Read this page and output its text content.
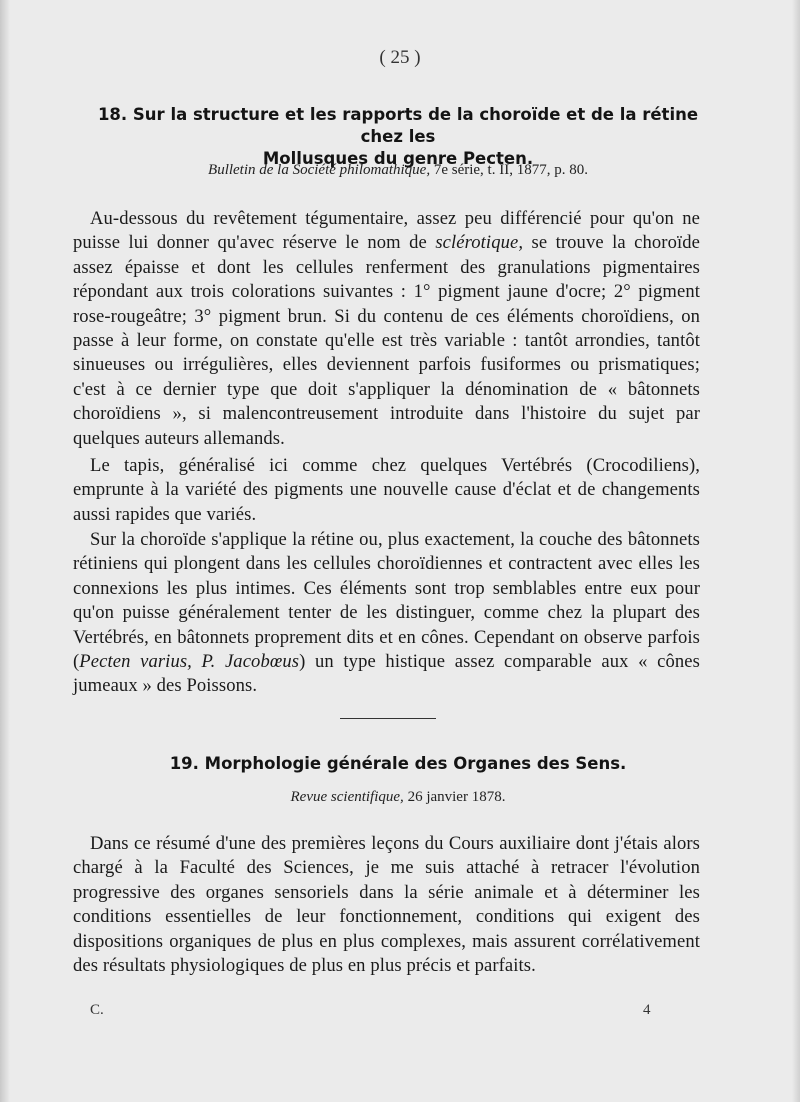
( 25 )
18. Sur la structure et les rapports de la choroïde et de la rétine chez les
Mollusques du genre Pecten.
Bulletin de la Société philomathique, 7e série, t. II, 1877, p. 80.

Au-dessous du revêtement tégumentaire, assez peu différencié pour qu'on ne puisse lui donner qu'avec réserve le nom de sclérotique, se trouve la choroïde assez épaisse et dont les cellules renferment des granulations pigmentaires répondant aux trois colorations suivantes : 1° pigment jaune d'ocre; 2° pigment rose-rougeâtre; 3° pigment brun. Si du contenu de ces éléments choroïdiens, on passe à leur forme, on constate qu'elle est très variable : tantôt arrondies, tantôt sinueuses ou irrégulières, elles deviennent parfois fusiformes ou prismatiques; c'est à ce dernier type que doit s'appliquer la dénomination de « bâtonnets choroïdiens », si malencontreusement introduite dans l'histoire du sujet par quelques auteurs allemands.

Le tapis, généralisé ici comme chez quelques Vertébrés (Crocodiliens), emprunte à la variété des pigments une nouvelle cause d'éclat et de changements aussi rapides que variés.

Sur la choroïde s'applique la rétine ou, plus exactement, la couche des bâtonnets rétiniens qui plongent dans les cellules choroïdiennes et contractent avec elles les connexions les plus intimes. Ces éléments sont trop semblables entre eux pour qu'on puisse généralement tenter de les distinguer, comme chez la plupart des Vertébrés, en bâtonnets proprement dits et en cônes. Cependant on observe parfois (Pecten varius, P. Jacobœus) un type histique assez comparable aux « cônes jumeaux » des Poissons.

19. Morphologie générale des Organes des Sens.
Revue scientifique, 26 janvier 1878.

Dans ce résumé d'une des premières leçons du Cours auxiliaire dont j'étais alors chargé à la Faculté des Sciences, je me suis attaché à retracer l'évolution progressive des organes sensoriels dans la série animale et à déterminer les conditions essentielles de leur fonctionnement, conditions qui exigent des dispositions organiques de plus en plus complexes, mais assurent corrélativement des résultats physiologiques de plus en plus précis et parfaits.

C.	4
